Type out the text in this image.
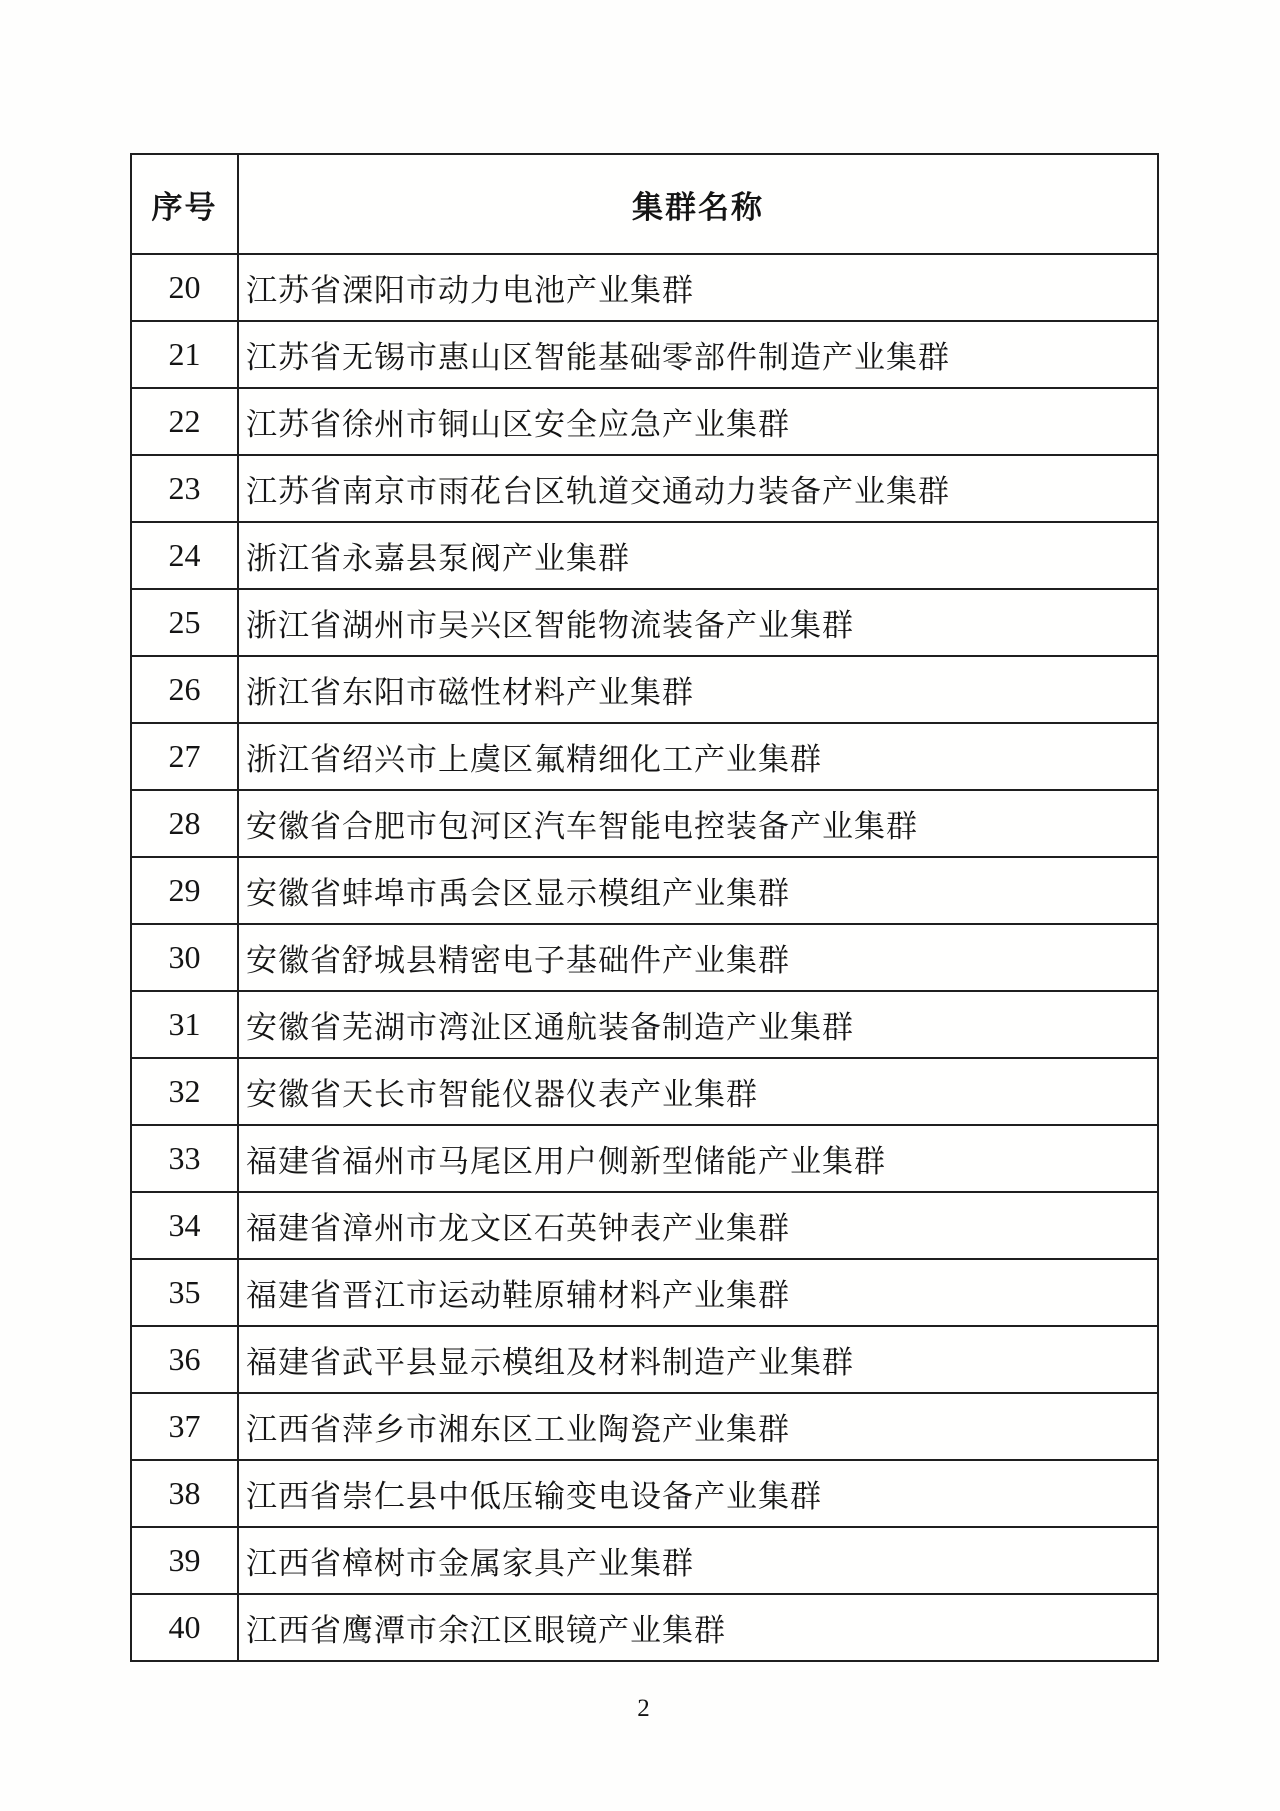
序号	集群名称
20	江苏省溧阳市动力电池产业集群
21	江苏省无锡市惠山区智能基础零部件制造产业集群
22	江苏省徐州市铜山区安全应急产业集群
23	江苏省南京市雨花台区轨道交通动力装备产业集群
24	浙江省永嘉县泵阀产业集群
25	浙江省湖州市吴兴区智能物流装备产业集群
26	浙江省东阳市磁性材料产业集群
27	浙江省绍兴市上虞区氟精细化工产业集群
28	安徽省合肥市包河区汽车智能电控装备产业集群
29	安徽省蚌埠市禹会区显示模组产业集群
30	安徽省舒城县精密电子基础件产业集群
31	安徽省芜湖市湾沚区通航装备制造产业集群
32	安徽省天长市智能仪器仪表产业集群
33	福建省福州市马尾区用户侧新型储能产业集群
34	福建省漳州市龙文区石英钟表产业集群
35	福建省晋江市运动鞋原辅材料产业集群
36	福建省武平县显示模组及材料制造产业集群
37	江西省萍乡市湘东区工业陶瓷产业集群
38	江西省崇仁县中低压输变电设备产业集群
39	江西省樟树市金属家具产业集群
40	江西省鹰潭市余江区眼镜产业集群
2
